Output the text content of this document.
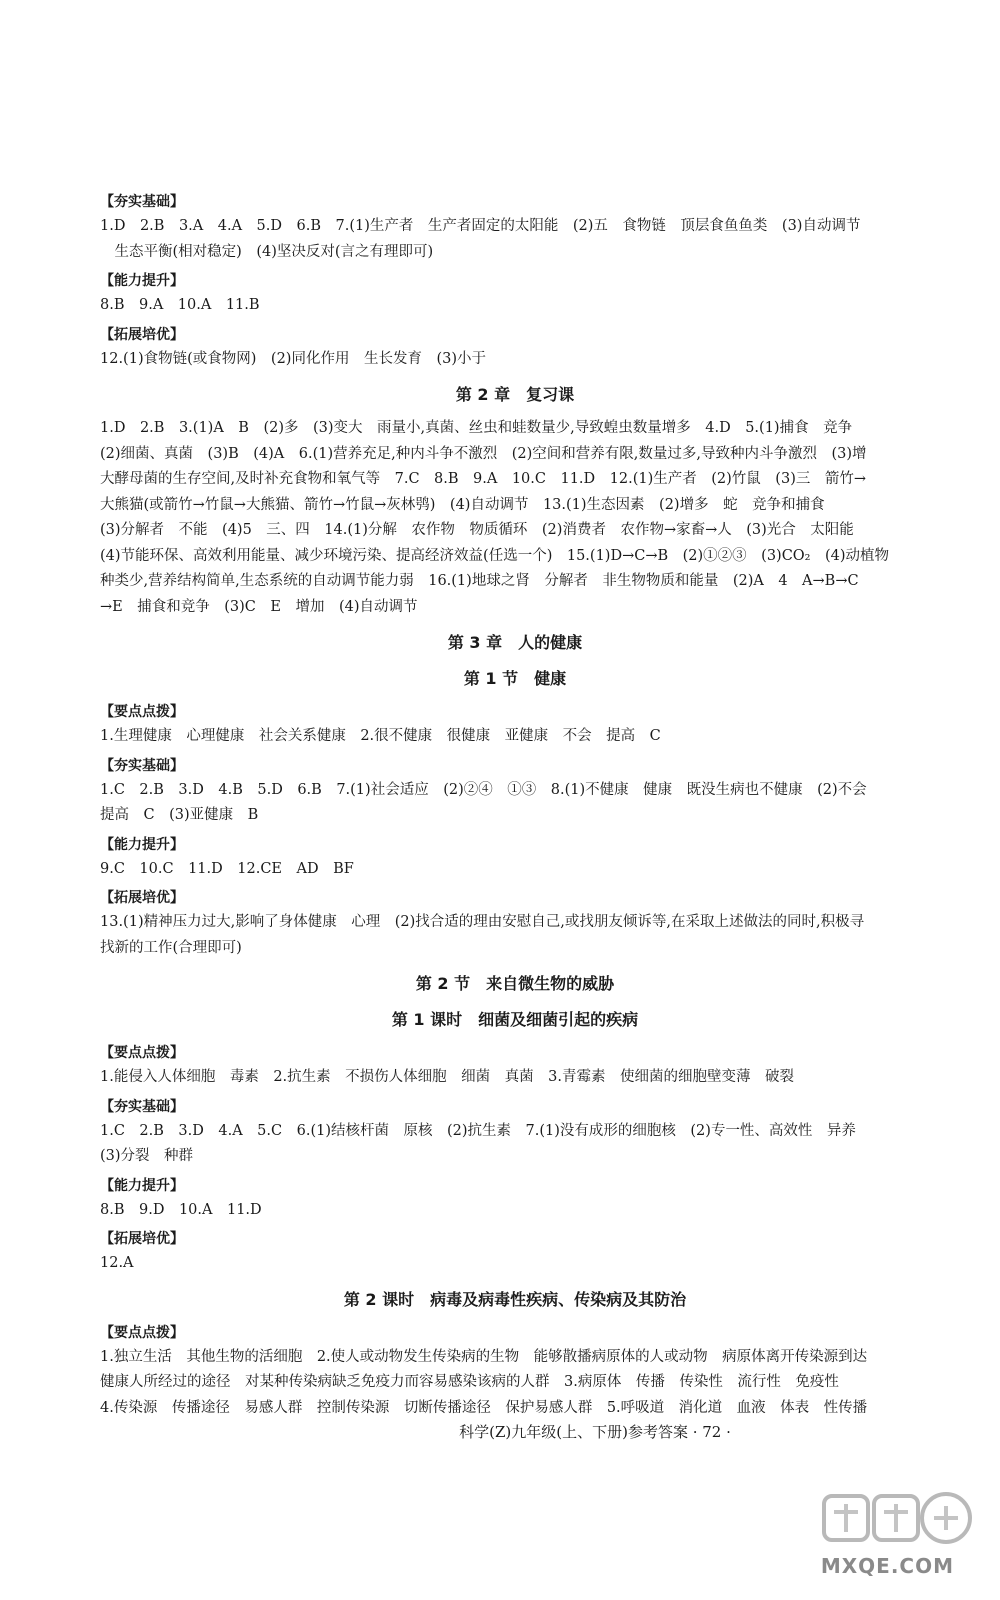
【夯实基础】

1.D　2.B　3.A　4.A　5.D　6.B　7.(1)生产者　生产者固定的太阳能　(2)五　食物链　顶层食鱼鱼类　(3)自动调节

　生态平衡(相对稳定)　(4)坚决反对(言之有理即可)

【能力提升】

8.B　9.A　10.A　11.B

【拓展培优】

12.(1)食物链(或食物网)　(2)同化作用　生长发育　(3)小于

第 2 章　复习课

1.D　2.B　3.(1)A　B　(2)多　(3)变大　雨量小,真菌、丝虫和蛙数量少,导致蝗虫数量增多　4.D　5.(1)捕食　竞争

(2)细菌、真菌　(3)B　(4)A　6.(1)营养充足,种内斗争不激烈　(2)空间和营养有限,数量过多,导致种内斗争激烈　(3)增

大酵母菌的生存空间,及时补充食物和氧气等　7.C　8.B　9.A　10.C　11.D　12.(1)生产者　(2)竹鼠　(3)三　箭竹→

大熊猫(或箭竹→竹鼠→大熊猫、箭竹→竹鼠→灰林鸮)　(4)自动调节　13.(1)生态因素　(2)增多　蛇　竞争和捕食

(3)分解者　不能　(4)5　三、四　14.(1)分解　农作物　物质循环　(2)消费者　农作物→家畜→人　(3)光合　太阳能

(4)节能环保、高效利用能量、减少环境污染、提高经济效益(任选一个)　15.(1)D→C→B　(2)①②③　(3)CO₂　(4)动植物

种类少,营养结构简单,生态系统的自动调节能力弱　16.(1)地球之肾　分解者　非生物物质和能量　(2)A　4　A→B→C

→E　捕食和竞争　(3)C　E　增加　(4)自动调节

第 3 章　人的健康
第 1 节　健康
【要点点拨】

1.生理健康　心理健康　社会关系健康　2.很不健康　很健康　亚健康　不会　提高　C

【夯实基础】

1.C　2.B　3.D　4.B　5.D　6.B　7.(1)社会适应　(2)②④　①③　8.(1)不健康　健康　既没生病也不健康　(2)不会

提高　C　(3)亚健康　B

【能力提升】

9.C　10.C　11.D　12.CE　AD　BF

【拓展培优】

13.(1)精神压力过大,影响了身体健康　心理　(2)找合适的理由安慰自己,或找朋友倾诉等,在采取上述做法的同时,积极寻

找新的工作(合理即可)

第 2 节　来自微生物的威胁
第 1 课时　细菌及细菌引起的疾病
【要点点拨】

1.能侵入人体细胞　毒素　2.抗生素　不损伤人体细胞　细菌　真菌　3.青霉素　使细菌的细胞壁变薄　破裂

【夯实基础】

1.C　2.B　3.D　4.A　5.C　6.(1)结核杆菌　原核　(2)抗生素　7.(1)没有成形的细胞核　(2)专一性、高效性　异养

(3)分裂　种群

【能力提升】

8.B　9.D　10.A　11.D

【拓展培优】

12.A

第 2 课时　病毒及病毒性疾病、传染病及其防治
【要点点拨】

1.独立生活　其他生物的活细胞　2.使人或动物发生传染病的生物　能够散播病原体的人或动物　病原体离开传染源到达

健康人所经过的途径　对某种传染病缺乏免疫力而容易感染该病的人群　3.病原体　传播　传染性　流行性　免疫性

4.传染源　传播途径　易感人群　控制传染源　切断传播途径　保护易感人群　5.呼吸道　消化道　血液　体表　性传播

科学(Z)九年级(上、下册)参考答案 · 72 ·
MXQE.COM
